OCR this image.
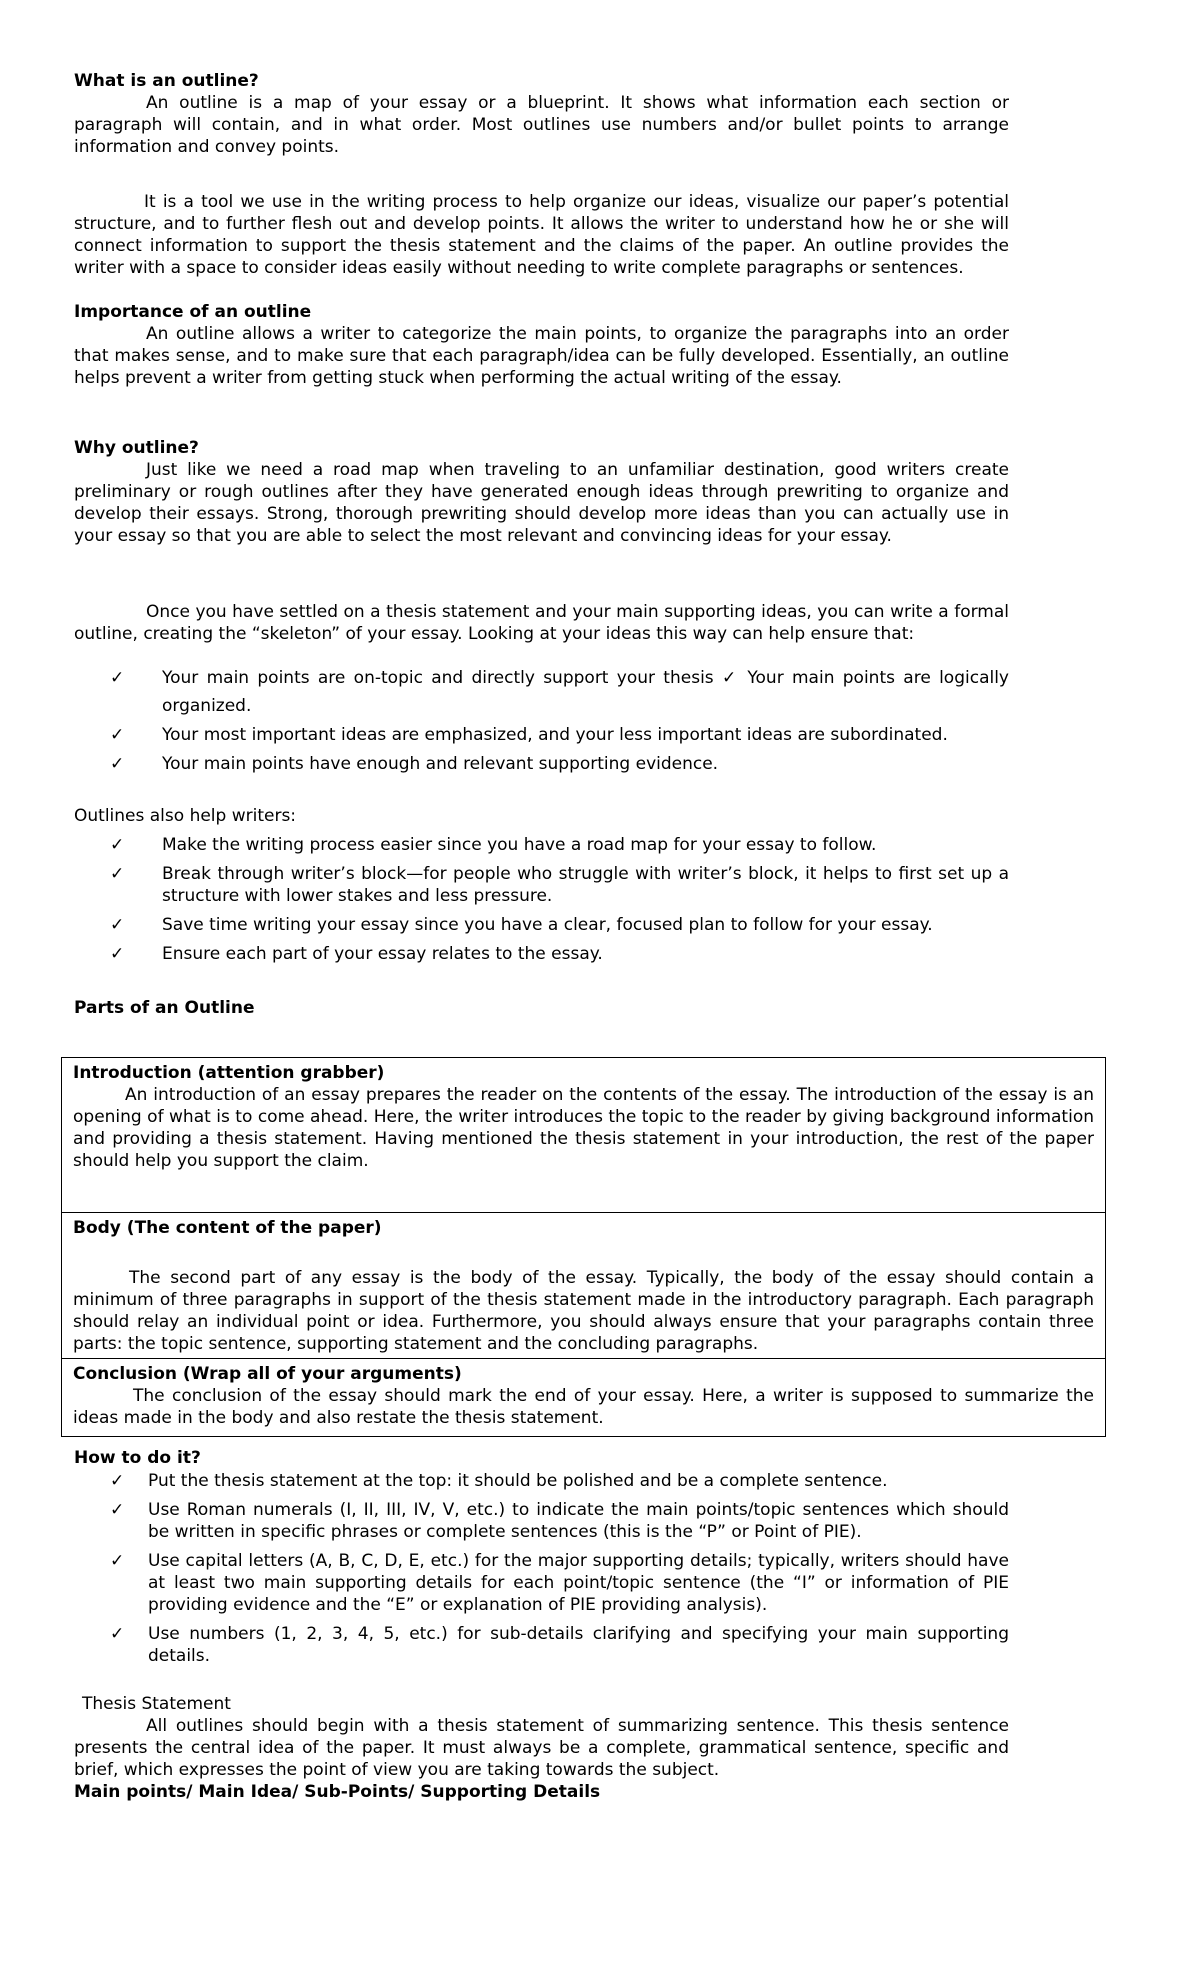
What is an outline?

An outline is a map of your essay or a blueprint. It shows what information each section or paragraph will contain, and in what order. Most outlines use numbers and/or bullet points to arrange information and convey points.

It is a tool we use in the writing process to help organize our ideas, visualize our paper’s potential structure, and to further flesh out and develop points. It allows the writer to understand how he or she will connect information to support the thesis statement and the claims of the paper. An outline provides the writer with a space to consider ideas easily without needing to write complete paragraphs or sentences.

Importance of an outline

An outline allows a writer to categorize the main points, to organize the paragraphs into an order that makes sense, and to make sure that each paragraph/idea can be fully developed. Essentially, an outline helps prevent a writer from getting stuck when performing the actual writing of the essay.

Why outline?

Just like we need a road map when traveling to an unfamiliar destination, good writers create preliminary or rough outlines after they have generated enough ideas through prewriting to organize and develop their essays. Strong, thorough prewriting should develop more ideas than you can actually use in your essay so that you are able to select the most relevant and convincing ideas for your essay.

Once you have settled on a thesis statement and your main supporting ideas, you can write a formal outline, creating the “skeleton” of your essay. Looking at your ideas this way can help ensure that:

✓ Your main points are on-topic and directly support your thesis ✓ Your main points are logically organized.
✓ Your most important ideas are emphasized, and your less important ideas are subordinated.
✓ Your main points have enough and relevant supporting evidence.

Outlines also help writers:

✓ Make the writing process easier since you have a road map for your essay to follow.
✓ Break through writer’s block—for people who struggle with writer’s block, it helps to first set up a structure with lower stakes and less pressure.
✓ Save time writing your essay since you have a clear, focused plan to follow for your essay.
✓ Ensure each part of your essay relates to the essay.

Parts of an Outline

Introduction (attention grabber)

An introduction of an essay prepares the reader on the contents of the essay. The introduction of the essay is an opening of what is to come ahead. Here, the writer introduces the topic to the reader by giving background information and providing a thesis statement. Having mentioned the thesis statement in your introduction, the rest of the paper should help you support the claim.

Body (The content of the paper)

The second part of any essay is the body of the essay. Typically, the body of the essay should contain a minimum of three paragraphs in support of the thesis statement made in the introductory paragraph. Each paragraph should relay an individual point or idea. Furthermore, you should always ensure that your paragraphs contain three parts: the topic sentence, supporting statement and the concluding paragraphs.

Conclusion (Wrap all of your arguments)

The conclusion of the essay should mark the end of your essay. Here, a writer is supposed to summarize the ideas made in the body and also restate the thesis statement.

How to do it?

✓ Put the thesis statement at the top: it should be polished and be a complete sentence.
✓ Use Roman numerals (I, II, III, IV, V, etc.) to indicate the main points/topic sentences which should be written in specific phrases or complete sentences (this is the “P” or Point of PIE).
✓ Use capital letters (A, B, C, D, E, etc.) for the major supporting details; typically, writers should have at least two main supporting details for each point/topic sentence (the “I” or information of PIE providing evidence and the “E” or explanation of PIE providing analysis).
✓ Use numbers (1, 2, 3, 4, 5, etc.) for sub-details clarifying and specifying your main supporting details.

Thesis Statement

All outlines should begin with a thesis statement of summarizing sentence. This thesis sentence presents the central idea of the paper. It must always be a complete, grammatical sentence, specific and brief, which expresses the point of view you are taking towards the subject.

Main points/ Main Idea/ Sub-Points/ Supporting Details
